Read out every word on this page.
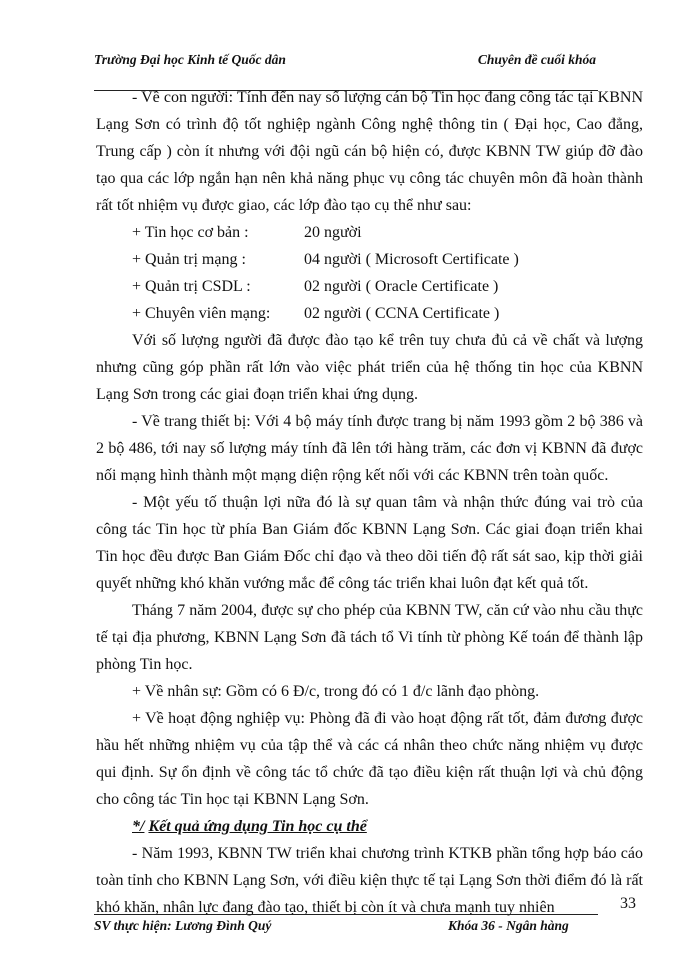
Trường Đại học Kinh tế Quốc dân	Chuyên đề cuối khóa

- Về con người: Tính đến nay số lượng cán bộ Tin học đang công tác tại KBNN Lạng Sơn có trình độ tốt nghiệp ngành Công nghệ thông tin ( Đại học, Cao đẳng, Trung cấp ) còn ít nhưng với đội ngũ cán bộ hiện có, được KBNN TW giúp đỡ đào tạo qua các lớp ngắn hạn nên khả năng phục vụ công tác chuyên môn đã hoàn thành rất tốt nhiệm vụ được giao, các lớp đào tạo cụ thể như sau:

+ Tin học cơ bản :	20 người
+ Quản trị mạng :	04 người ( Microsoft Certificate )
+ Quản trị CSDL :	02 người ( Oracle Certificate )
+ Chuyên viên mạng: 02 người ( CCNA Certificate )

Với số lượng người đã được đào tạo kể trên tuy chưa đủ cả về chất và lượng nhưng cũng góp phần rất lớn vào việc phát triển của hệ thống tin học của KBNN Lạng Sơn trong các giai đoạn triển khai ứng dụng.

- Về trang thiết bị: Với 4 bộ máy tính được trang bị năm 1993 gồm 2 bộ 386 và 2 bộ 486, tới nay số lượng máy tính đã lên tới hàng trăm, các đơn vị KBNN đã được nối mạng hình thành một mạng diện rộng kết nối với các KBNN trên toàn quốc.

- Một yếu tố thuận lợi nữa đó là sự quan tâm và nhận thức đúng vai trò của công tác Tin học từ phía Ban Giám đốc KBNN Lạng Sơn. Các giai đoạn triển khai Tin học đều được Ban Giám Đốc chỉ đạo và theo dõi tiến độ rất sát sao, kịp thời giải quyết những khó khăn vướng mắc để công tác triển khai luôn đạt kết quả tốt.

Tháng 7 năm 2004, được sự cho phép của KBNN TW, căn cứ vào nhu cầu thực tế tại địa phương, KBNN Lạng Sơn đã tách tổ Vi tính từ phòng Kế toán để thành lập phòng Tin học.

+ Về nhân sự: Gồm có 6 Đ/c, trong đó có 1 đ/c lãnh đạo phòng.

+ Về hoạt động nghiệp vụ: Phòng đã đi vào hoạt động rất tốt, đảm đương được hầu hết những nhiệm vụ của tập thể và các cá nhân theo chức năng nhiệm vụ được qui định. Sự ổn định về công tác tổ chức đã tạo điều kiện rất thuận lợi và chủ động cho công tác Tin học tại KBNN Lạng Sơn.

*/ Kết quả ứng dụng Tin học cụ thể

- Năm 1993, KBNN TW triển khai chương trình KTKB phần tổng hợp báo cáo toàn tỉnh cho KBNN Lạng Sơn, với điều kiện thực tế tại Lạng Sơn thời điểm đó là rất khó khăn, nhân lực đang đào tạo, thiết bị còn ít và chưa mạnh tuy nhiên	33
SV thực hiện: Lương Đình Quý	Khóa 36 - Ngân hàng
